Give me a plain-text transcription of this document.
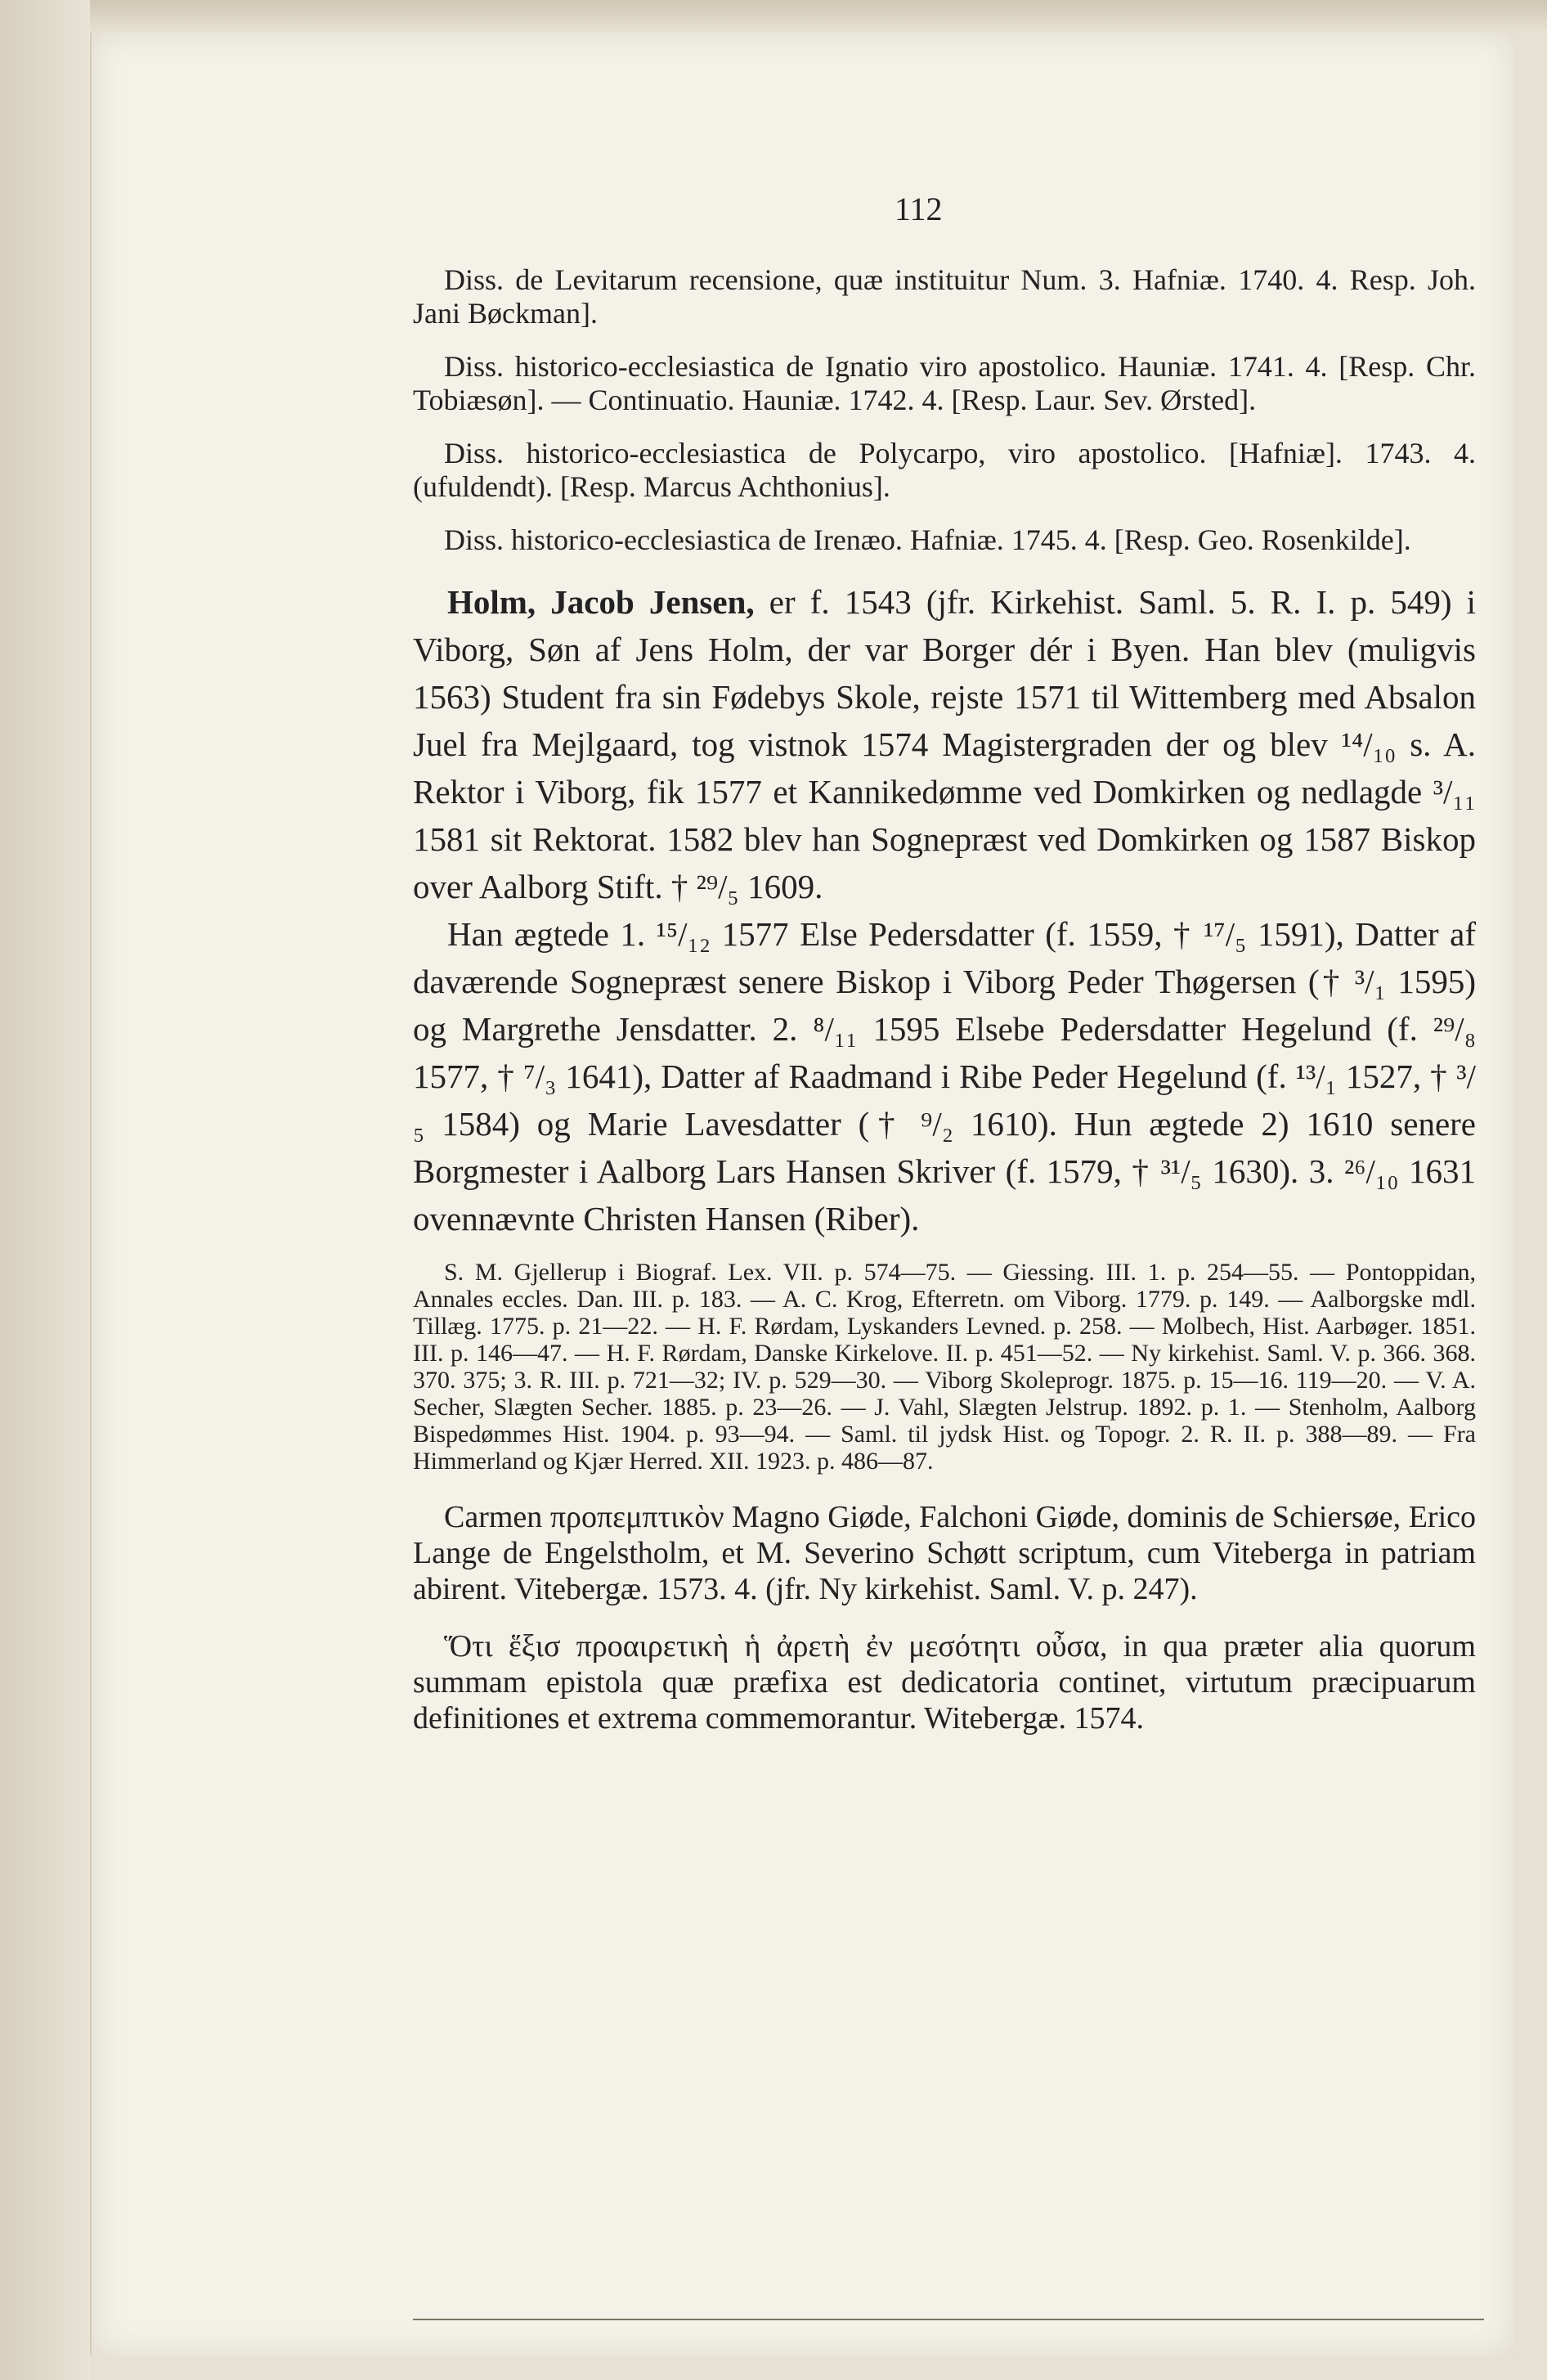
112

Diss. de Levitarum recensione, quæ instituitur Num. 3. Hafniæ. 1740. 4. Resp. Joh. Jani Bøckman].

Diss. historico-ecclesiastica de Ignatio viro apostolico. Hauniæ. 1741. 4. [Resp. Chr. Tobiæsøn]. — Continuatio. Hauniæ. 1742. 4. [Resp. Laur. Sev. Ørsted].

Diss. historico-ecclesiastica de Polycarpo, viro apostolico. [Hafniæ]. 1743. 4. (ufuldendt). [Resp. Marcus Achthonius].

Diss. historico-ecclesiastica de Irenæo. Hafniæ. 1745. 4. [Resp. Geo. Rosenkilde].

Holm, Jacob Jensen, er f. 1543 (jfr. Kirkehist. Saml. 5. R. I. p. 549) i Viborg, Søn af Jens Holm, der var Borger dér i Byen. Han blev (muligvis 1563) Student fra sin Fødebys Skole, rejste 1571 til Wittemberg med Absalon Juel fra Mejlgaard, tog vistnok 1574 Magistergraden der og blev ¹⁴/₁₀ s. A. Rektor i Viborg, fik 1577 et Kannikedømme ved Domkirken og nedlagde ³/₁₁ 1581 sit Rektorat. 1582 blev han Sognepræst ved Domkirken og 1587 Biskop over Aalborg Stift. † ²⁹/₅ 1609.

Han ægtede 1. ¹⁵/₁₂ 1577 Else Pedersdatter (f. 1559, † ¹⁷/₅ 1591), Datter af daværende Sognepræst senere Biskop i Viborg Peder Thøgersen († ³/₁ 1595) og Margrethe Jensdatter. 2. ⁸/₁₁ 1595 Elsebe Pedersdatter Hegelund (f. ²⁹/₈ 1577, † ⁷/₃ 1641), Datter af Raadmand i Ribe Peder Hegelund (f. ¹³/₁ 1527, † ³/₅ 1584) og Marie Lavesdatter († ⁹/₂ 1610). Hun ægtede 2) 1610 senere Borgmester i Aalborg Lars Hansen Skriver (f. 1579, † ³¹/₅ 1630). 3. ²⁶/₁₀ 1631 ovennævnte Christen Hansen (Riber).

S. M. Gjellerup i Biograf. Lex. VII. p. 574—75. — Giessing. III. 1. p. 254—55. — Pontoppidan, Annales eccles. Dan. III. p. 183. — A. C. Krog, Efterretn. om Viborg. 1779. p. 149. — Aalborgske mdl. Tillæg. 1775. p. 21—22. — H. F. Rørdam, Lyskanders Levned. p. 258. — Molbech, Hist. Aarbøger. 1851. III. p. 146—47. — H. F. Rørdam, Danske Kirkelove. II. p. 451—52. — Ny kirkehist. Saml. V. p. 366. 368. 370. 375; 3. R. III. p. 721—32; IV. p. 529—30. — Viborg Skoleprogr. 1875. p. 15—16. 119—20. — V. A. Secher, Slægten Secher. 1885. p. 23—26. — J. Vahl, Slægten Jelstrup. 1892. p. 1. — Stenholm, Aalborg Bispedømmes Hist. 1904. p. 93—94. — Saml. til jydsk Hist. og Topogr. 2. R. II. p. 388—89. — Fra Himmerland og Kjær Herred. XII. 1923. p. 486—87.

Carmen προπεμπτικὸν Magno Giøde, Falchoni Giøde, dominis de Schiersøe, Erico Lange de Engelstholm, et M. Severino Schøtt scriptum, cum Viteberga in patriam abirent. Vitebergæ. 1573. 4. (jfr. Ny kirkehist. Saml. V. p. 247).

Ὅτι ἕξισ προαιρετικὴ ἡ ἀρετὴ ἐν μεσότητι οὖσα, in qua præter alia quorum summam epistola quæ præfixa est dedicatoria continet, virtutum præcipuarum definitiones et extrema commemorantur. Witebergæ. 1574.
